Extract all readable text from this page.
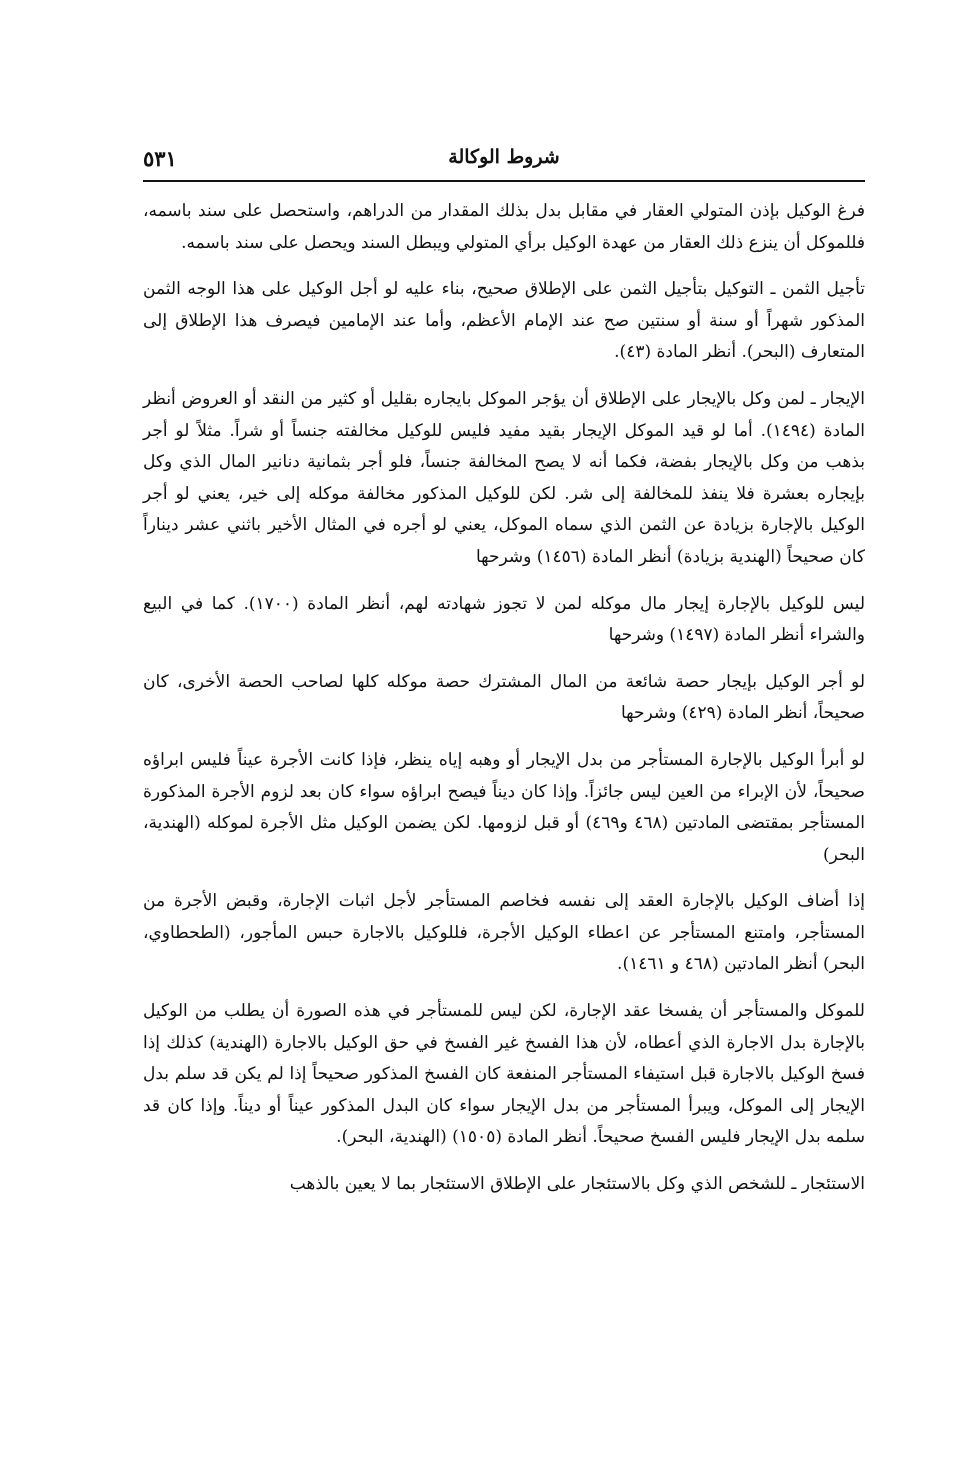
شروط الوكالة
٥٣١

فرغ الوكيل بإذن المتولي العقار في مقابل بدل بذلك المقدار من الدراهم، واستحصل على سند باسمه، فللموكل أن ينزع ذلك العقار من عهدة الوكيل برأي المتولي ويبطل السند ويحصل على سند باسمه.

تأجيل الثمن ـ التوكيل بتأجيل الثمن على الإطلاق صحيح، بناء عليه لو أجل الوكيل على هذا الوجه الثمن المذكور شهراً أو سنة أو سنتين صح عند الإمام الأعظم، وأما عند الإمامين فيصرف هذا الإطلاق إلى المتعارف (البحر). أنظر المادة (٤٣).

الإيجار ـ لمن وكل بالإيجار على الإطلاق أن يؤجر الموكل بايجاره بقليل أو كثير من النقد أو العروض أنظر المادة (١٤٩٤). أما لو قيد الموكل الإيجار بقيد مفيد فليس للوكيل مخالفته جنساً أو شراً. مثلاً لو أجر بذهب من وكل بالإيجار بفضة، فكما أنه لا يصح المخالفة جنساً، فلو أجر بثمانية دنانير المال الذي وكل بإيجاره بعشرة فلا ينفذ للمخالفة إلى شر. لكن للوكيل المذكور مخالفة موكله إلى خير، يعني لو أجر الوكيل بالإجارة بزيادة عن الثمن الذي سماه الموكل، يعني لو أجره في المثال الأخير باثني عشر ديناراً كان صحيحاً (الهندية بزيادة) أنظر المادة (١٤٥٦) وشرحها

ليس للوكيل بالإجارة إيجار مال موكله لمن لا تجوز شهادته لهم، أنظر المادة (١٧٠٠). كما في البيع والشراء أنظر المادة (١٤٩٧) وشرحها

لو أجر الوكيل بإيجار حصة شائعة من المال المشترك حصة موكله كلها لصاحب الحصة الأخرى، كان صحيحاً، أنظر المادة (٤٢٩) وشرحها

لو أبرأ الوكيل بالإجارة المستأجر من بدل الإيجار أو وهبه إياه ينظر، فإذا كانت الأجرة عيناً فليس ابراؤه صحيحاً، لأن الإبراء من العين ليس جائزاً. وإذا كان ديناً فيصح ابراؤه سواء كان بعد لزوم الأجرة المذكورة المستأجر بمقتضى المادتين (٤٦٨ و٤٦٩) أو قبل لزومها. لكن يضمن الوكيل مثل الأجرة لموكله (الهندية، البحر)

إذا أضاف الوكيل بالإجارة العقد إلى نفسه فخاصم المستأجر لأجل اثبات الإجارة، وقبض الأجرة من المستأجر، وامتنع المستأجر عن اعطاء الوكيل الأجرة، فللوكيل بالاجارة حبس المأجور، (الطحطاوي، البحر) أنظر المادتين (٤٦٨ و ١٤٦١).

للموكل والمستأجر أن يفسخا عقد الإجارة، لكن ليس للمستأجر في هذه الصورة أن يطلب من الوكيل بالإجارة بدل الاجارة الذي أعطاه، لأن هذا الفسخ غير الفسخ في حق الوكيل بالاجارة (الهندية) كذلك إذا فسخ الوكيل بالاجارة قبل استيفاء المستأجر المنفعة كان الفسخ المذكور صحيحاً إذا لم يكن قد سلم بدل الإيجار إلى الموكل، ويبرأ المستأجر من بدل الإيجار سواء كان البدل المذكور عيناً أو ديناً. وإذا كان قد سلمه بدل الإيجار فليس الفسخ صحيحاً. أنظر المادة (١٥٠٥) (الهندية، البحر).

الاستئجار ـ للشخص الذي وكل بالاستئجار على الإطلاق الاستئجار بما لا يعين بالذهب
